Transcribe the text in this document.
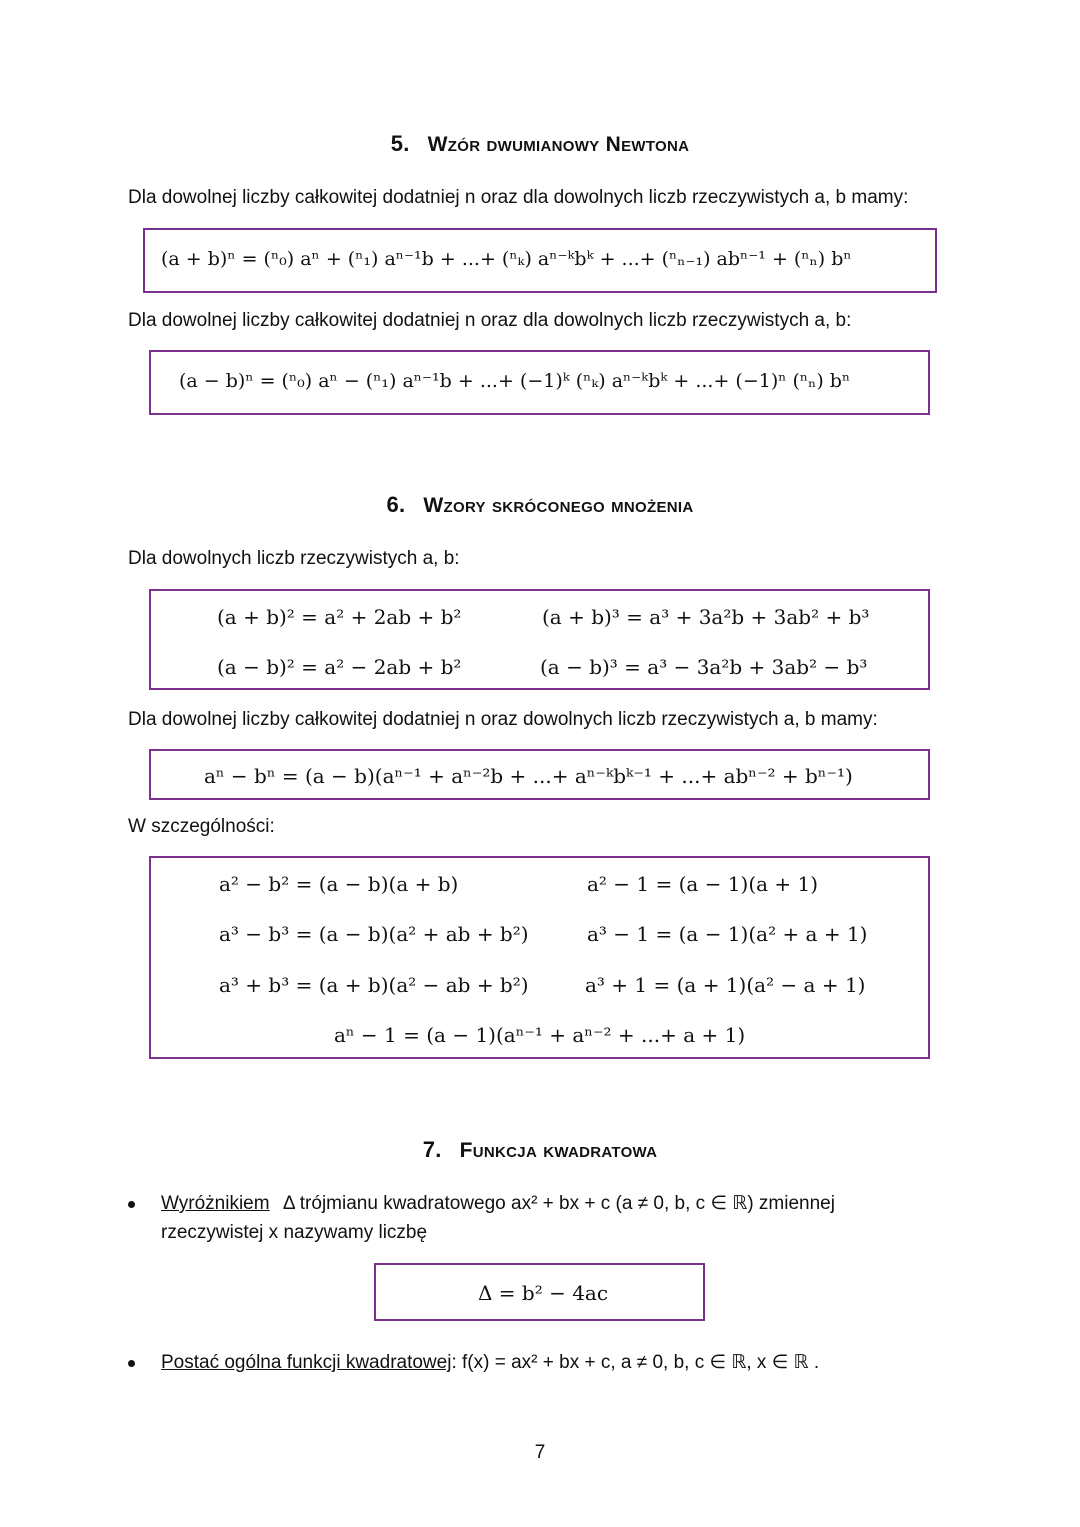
5. Wzór dwumianowy Newtona
Dla dowolnej liczby całkowitej dodatniej n oraz dla dowolnych liczb rzeczywistych a, b mamy:
(a + b)ⁿ = (ⁿ₀) aⁿ + (ⁿ₁) aⁿ⁻¹b + ...+ (ⁿₖ) aⁿ⁻ᵏbᵏ + ...+ (ⁿₙ₋₁) abⁿ⁻¹ + (ⁿₙ) bⁿ
Dla dowolnej liczby całkowitej dodatniej n oraz dla dowolnych liczb rzeczywistych a, b:
(a − b)ⁿ = (ⁿ₀) aⁿ − (ⁿ₁) aⁿ⁻¹b + ...+ (−1)ᵏ (ⁿₖ) aⁿ⁻ᵏbᵏ + ...+ (−1)ⁿ (ⁿₙ) bⁿ
6. Wzory skróconego mnożenia
Dla dowolnych liczb rzeczywistych a, b:
(a + b)² = a² + 2ab + b²	(a + b)³ = a³ + 3a²b + 3ab² + b³
(a − b)² = a² − 2ab + b²	(a − b)³ = a³ − 3a²b + 3ab² − b³
Dla dowolnej liczby całkowitej dodatniej n oraz dowolnych liczb rzeczywistych a, b mamy:
aⁿ − bⁿ = (a − b)(aⁿ⁻¹ + aⁿ⁻²b + ...+ aⁿ⁻ᵏbᵏ⁻¹ + ...+ abⁿ⁻² + bⁿ⁻¹)
W szczególności:
a² − b² = (a − b)(a + b)	a² − 1 = (a − 1)(a + 1)
a³ − b³ = (a − b)(a² + ab + b²)	a³ − 1 = (a − 1)(a² + a + 1)
a³ + b³ = (a + b)(a² − ab + b²)	a³ + 1 = (a + 1)(a² − a + 1)
aⁿ − 1 = (a − 1)(aⁿ⁻¹ + aⁿ⁻² + ...+ a + 1)
7. Funkcja kwadratowa
Wyróżnikiem Δ trójmianu kwadratowego ax² + bx + c (a ≠ 0, b, c ∈ ℝ) zmiennej
rzeczywistej x nazywamy liczbę
Δ = b² − 4ac
Postać ogólna funkcji kwadratowej: f(x) = ax² + bx + c, a ≠ 0, b, c ∈ ℝ, x ∈ ℝ .
7
